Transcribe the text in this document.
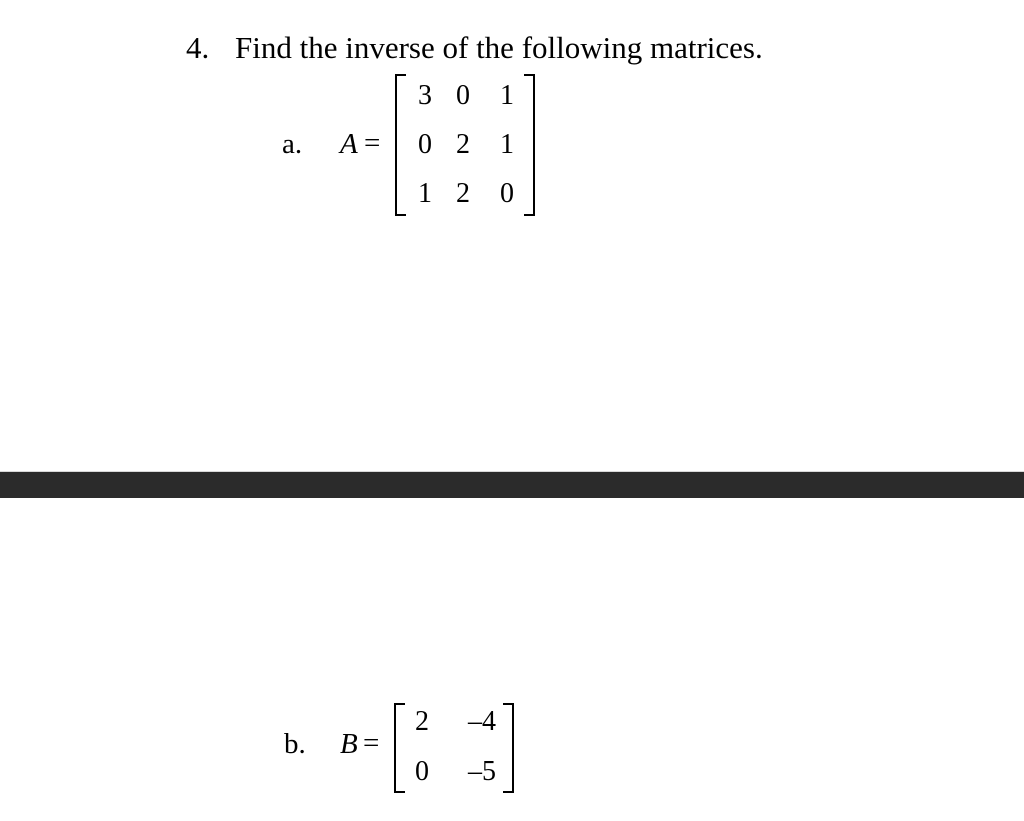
4. Find the inverse of the following matrices.
a. A =
3 0	1
0 2	1
1 2	0
b. B =
2	–4
0	–5
